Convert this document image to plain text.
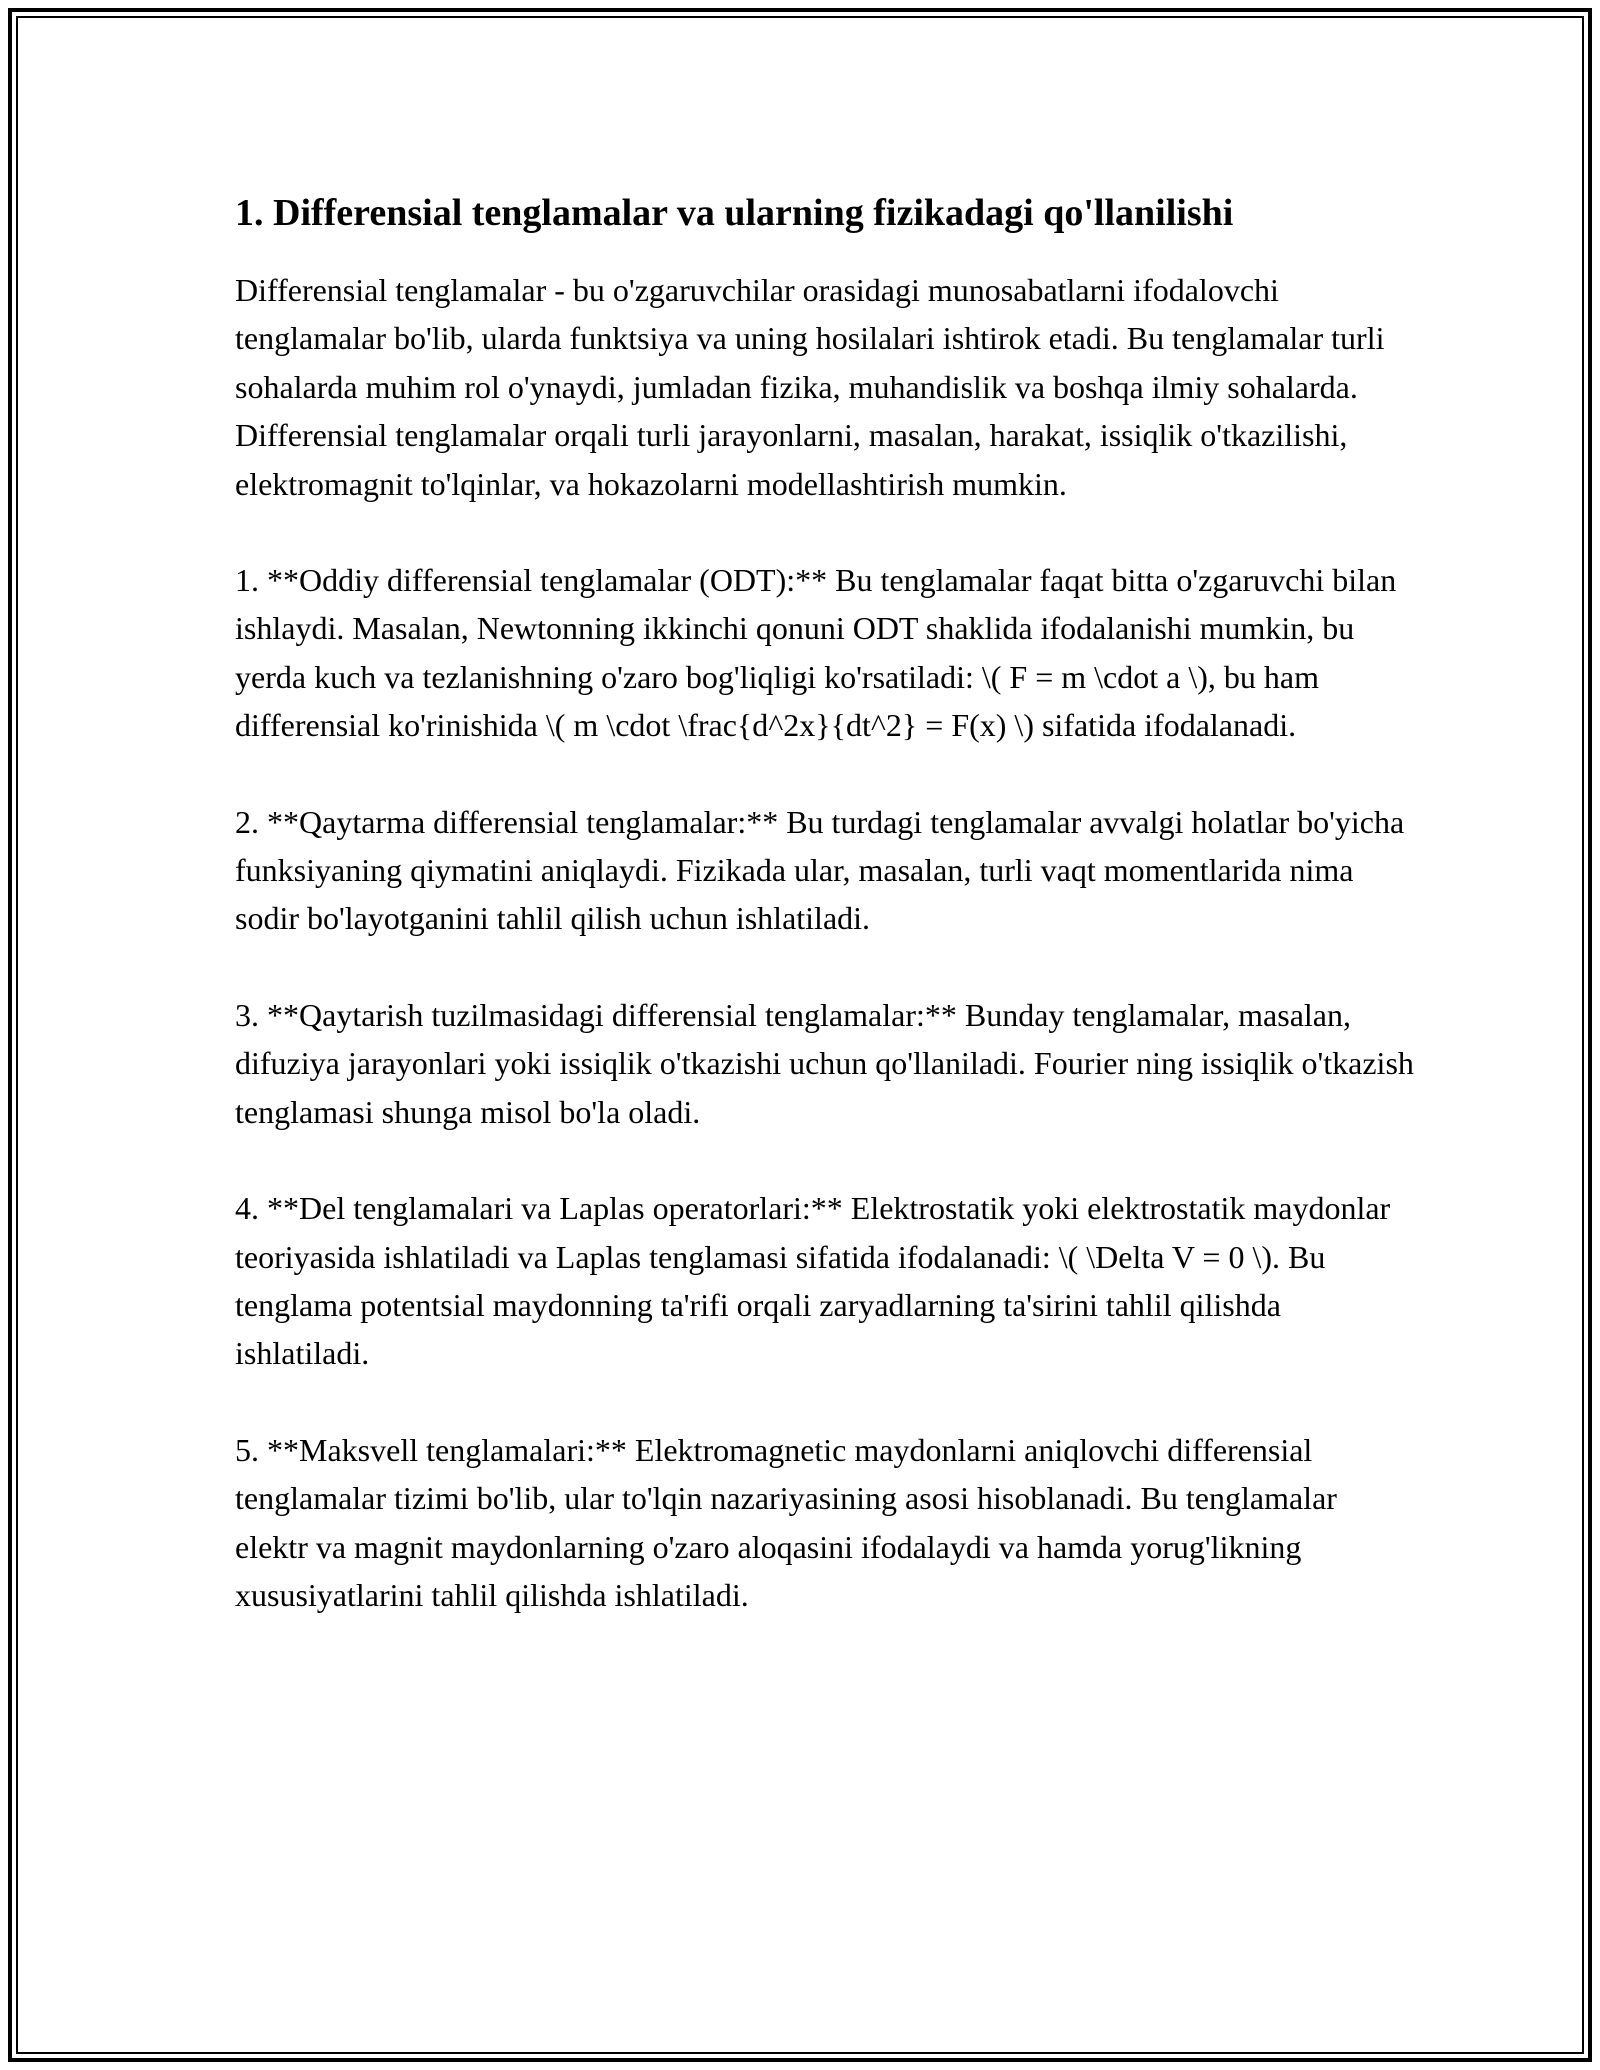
1. Differensial tenglamalar va ularning fizikadagi qo'llanilishi

Differensial tenglamalar - bu o'zgaruvchilar orasidagi munosabatlarni ifodalovchi tenglamalar bo'lib, ularda funktsiya va uning hosilalari ishtirok etadi. Bu tenglamalar turli sohalarda muhim rol o'ynaydi, jumladan fizika, muhandislik va boshqa ilmiy sohalarda. Differensial tenglamalar orqali turli jarayonlarni, masalan, harakat, issiqlik o'tkazilishi, elektromagnit to'lqinlar, va hokazolarni modellashtirish mumkin.

1. **Oddiy differensial tenglamalar (ODT):** Bu tenglamalar faqat bitta o'zgaruvchi bilan ishlaydi. Masalan, Newtonning ikkinchi qonuni ODT shaklida ifodalanishi mumkin, bu yerda kuch va tezlanishning o'zaro bog'liqligi ko'rsatiladi: \( F = m \cdot a \), bu ham differensial ko'rinishida \( m \cdot \frac{d^2x}{dt^2} = F(x) \) sifatida ifodalanadi.

2. **Qaytarma differensial tenglamalar:** Bu turdagi tenglamalar avvalgi holatlar bo'yicha funksiyaning qiymatini aniqlaydi. Fizikada ular, masalan, turli vaqt momentlarida nima sodir bo'layotganini tahlil qilish uchun ishlatiladi.

3. **Qaytarish tuzilmasidagi differensial tenglamalar:** Bunday tenglamalar, masalan, difuziya jarayonlari yoki issiqlik o'tkazishi uchun qo'llaniladi. Fourier ning issiqlik o'tkazish tenglamasi shunga misol bo'la oladi.

4. **Del tenglamalari va Laplas operatorlari:** Elektrostatik yoki elektrostatik maydonlar teoriyasida ishlatiladi va Laplas tenglamasi sifatida ifodalanadi: \( \Delta V = 0 \). Bu tenglama potentsial maydonning ta'rifi orqali zaryadlarning ta'sirini tahlil qilishda ishlatiladi.

5. **Maksvell tenglamalari:** Elektromagnetic maydonlarni aniqlovchi differensial tenglamalar tizimi bo'lib, ular to'lqin nazariyasining asosi hisoblanadi. Bu tenglamalar elektr va magnit maydonlarning o'zaro aloqasini ifodalaydi va hamda yorug'likning xususiyatlarini tahlil qilishda ishlatiladi.
